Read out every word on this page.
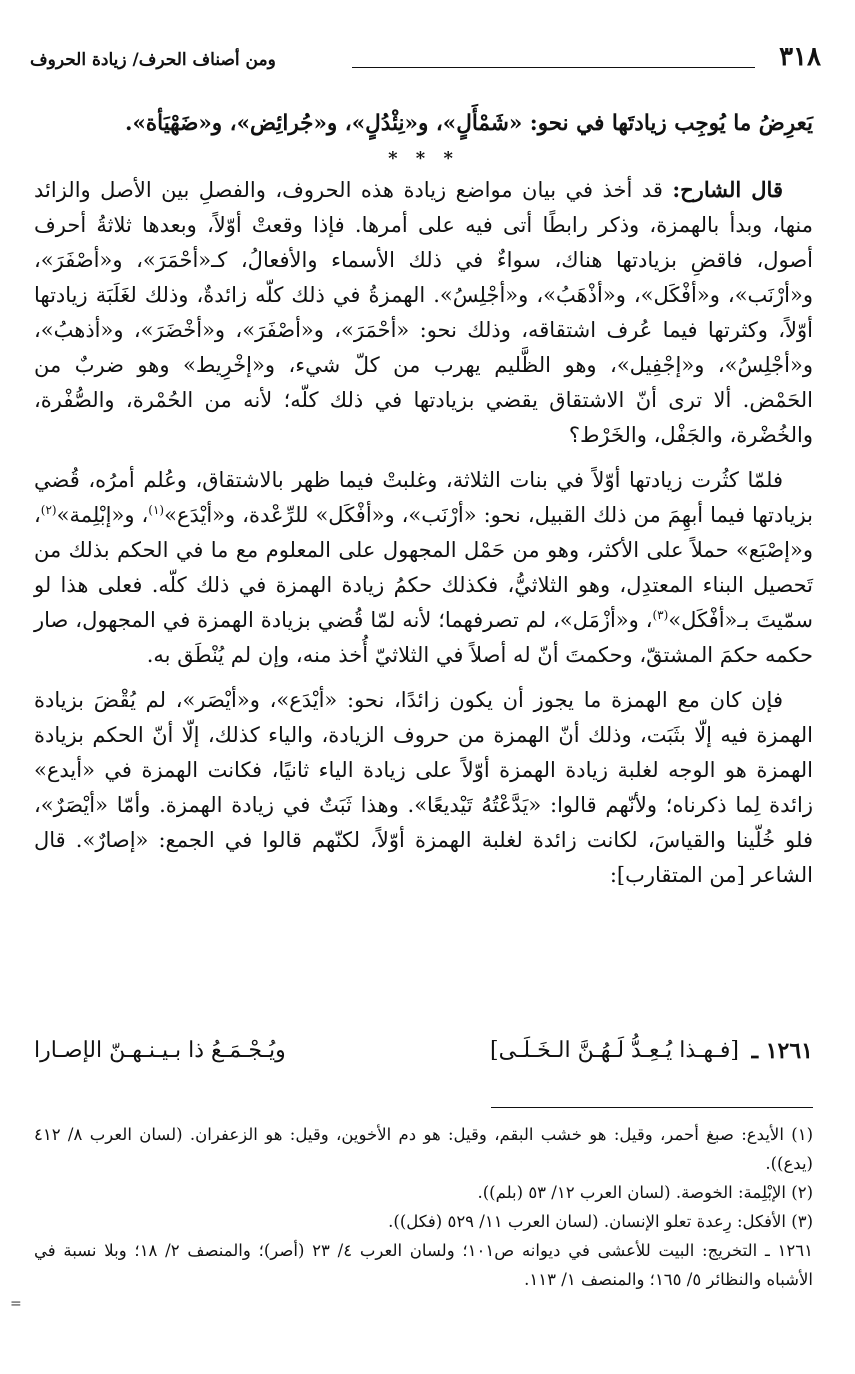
٣١٨
ومن أصناف الحرف/ زيادة الحروف

يَعرِضُ ما يُوجِب زيادتَها في نحو: «شَمْأَلٍ»، و«نِئْدُلٍ»، و«جُرائِض»، و«ضَهْيَأة».

* * *

قال الشارح: قد أخذ في بيان مواضع زيادة هذه الحروف، والفصلِ بين الأصل والزائد منها، وبدأ بالهمزة، وذكر رابطًا أتى فيه على أمرها. فإذا وقعتْ أوّلاً، وبعدها ثلاثةُ أحرف أصول، فاقضِ بزيادتها هناك، سواءٌ في ذلك الأسماء والأفعالُ، كـ«أحْمَرَ»، و«أصْفَرَ»، و«أرْنَب»، و«أفْكَل»، و«أذْهَبُ»، و«أجْلِسُ». الهمزةُ في ذلك كلّه زائدةٌ، وذلك لغَلَبَة زيادتها أوّلاً، وكثرتها فيما عُرف اشتقاقه، وذلك نحو: «أحْمَرَ»، و«أصْفَرَ»، و«أخْضَرَ»، و«أذهبُ»، و«أجْلِسُ»، و«إجْفِيل»، وهو الظَّليم يهرب من كلّ شيء، و«إخْرِيط» وهو ضربٌ من الحَمْض. ألا ترى أنّ الاشتقاق يقضي بزيادتها في ذلك كلّه؛ لأنه من الحُمْرة، والصُّفْرة، والخُضْرة، والجَفْل، والخَرْط؟

فلمّا كثُرت زيادتها أوّلاً في بنات الثلاثة، وغلبتْ فيما ظهر بالاشتقاق، وعُلم أمرُه، قُضي بزيادتها فيما أبهِمَ من ذلك القبيل، نحو: «أرْنَب»، و«أفْكَل» للرِّعْدة، و«أيْدَع»$^{(١)}$، و«إبْلِمة»$^{(٢)}$، و«إصْبَع» حملاً على الأكثر، وهو من حَمْل المجهول على المعلوم مع ما في الحكم بذلك من تَحصيل البناء المعتدِل، وهو الثلاثيُّ، فكذلك حكمُ زيادة الهمزة في ذلك كلّه. فعلى هذا لو سمّيتَ بـ«أفْكَل»$^{(٣)}$، و«أزْمَل»، لم تصرفهما؛ لأنه لمّا قُضي بزيادة الهمزة في المجهول، صار حكمه حكمَ المشتقّ، وحكمتَ أنّ له أصلاً في الثلاثيّ أُخذ منه، وإن لم يُنْطَق به.

فإن كان مع الهمزة ما يجوز أن يكون زائدًا، نحو: «أيْدَع»، و«أيْصَر»، لم يُقْضَ بزيادة الهمزة فيه إلّا بثَبَت، وذلك أنّ الهمزة من حروف الزيادة، والياء كذلك، إلّا أنّ الحكم بزيادة الهمزة هو الوجه لغلبة زيادة الهمزة أوّلاً على زيادة الياء ثانيًا، فكانت الهمزة في «أيدع» زائدة لِما ذكرناه؛ ولأنّهم قالوا: «يَدَّعْتُهُ تَيْديعًا». وهذا ثَبَتٌ في زيادة الهمزة. وأمّا «أيْصَرٌ»، فلو خُلّينا والقياسَ، لكانت زائدة لغلبة الهمزة أوّلاً، لكنّهم قالوا في الجمع: «إصارٌ». قال الشاعر [من المتقارب]:

١٢٦١ ـ
[فـهـذا يُـعِـدُّ لَـهُـنَّ الـخَـلَـى]
ويُـجْـمَـعُ ذا بـيـنـهـنّ الإصـارا
(١) الأيدع: صبغ أحمر، وقيل: هو خشب البقم، وقيل: هو دم الأخوين، وقيل: هو الزعفران. (لسان العرب ٨/ ٤١٢ (يدع)).
(٢) الإبْلِمة: الخوصة. (لسان العرب ١٢/ ٥٣ (بلم)).
(٣) الأفكل: رِعدة تعلو الإنسان. (لسان العرب ١١/ ٥٢٩ (فكل)).
١٢٦١ ـ التخريج: البيت للأعشى في ديوانه ص١٠١؛ ولسان العرب ٤/ ٢٣ (أصر)؛ والمنصف ٢/ ١٨؛ وبلا نسبة في الأشباه والنظائر ٥/ ١٦٥؛ والمنصف ١/ ١١٣.
=
